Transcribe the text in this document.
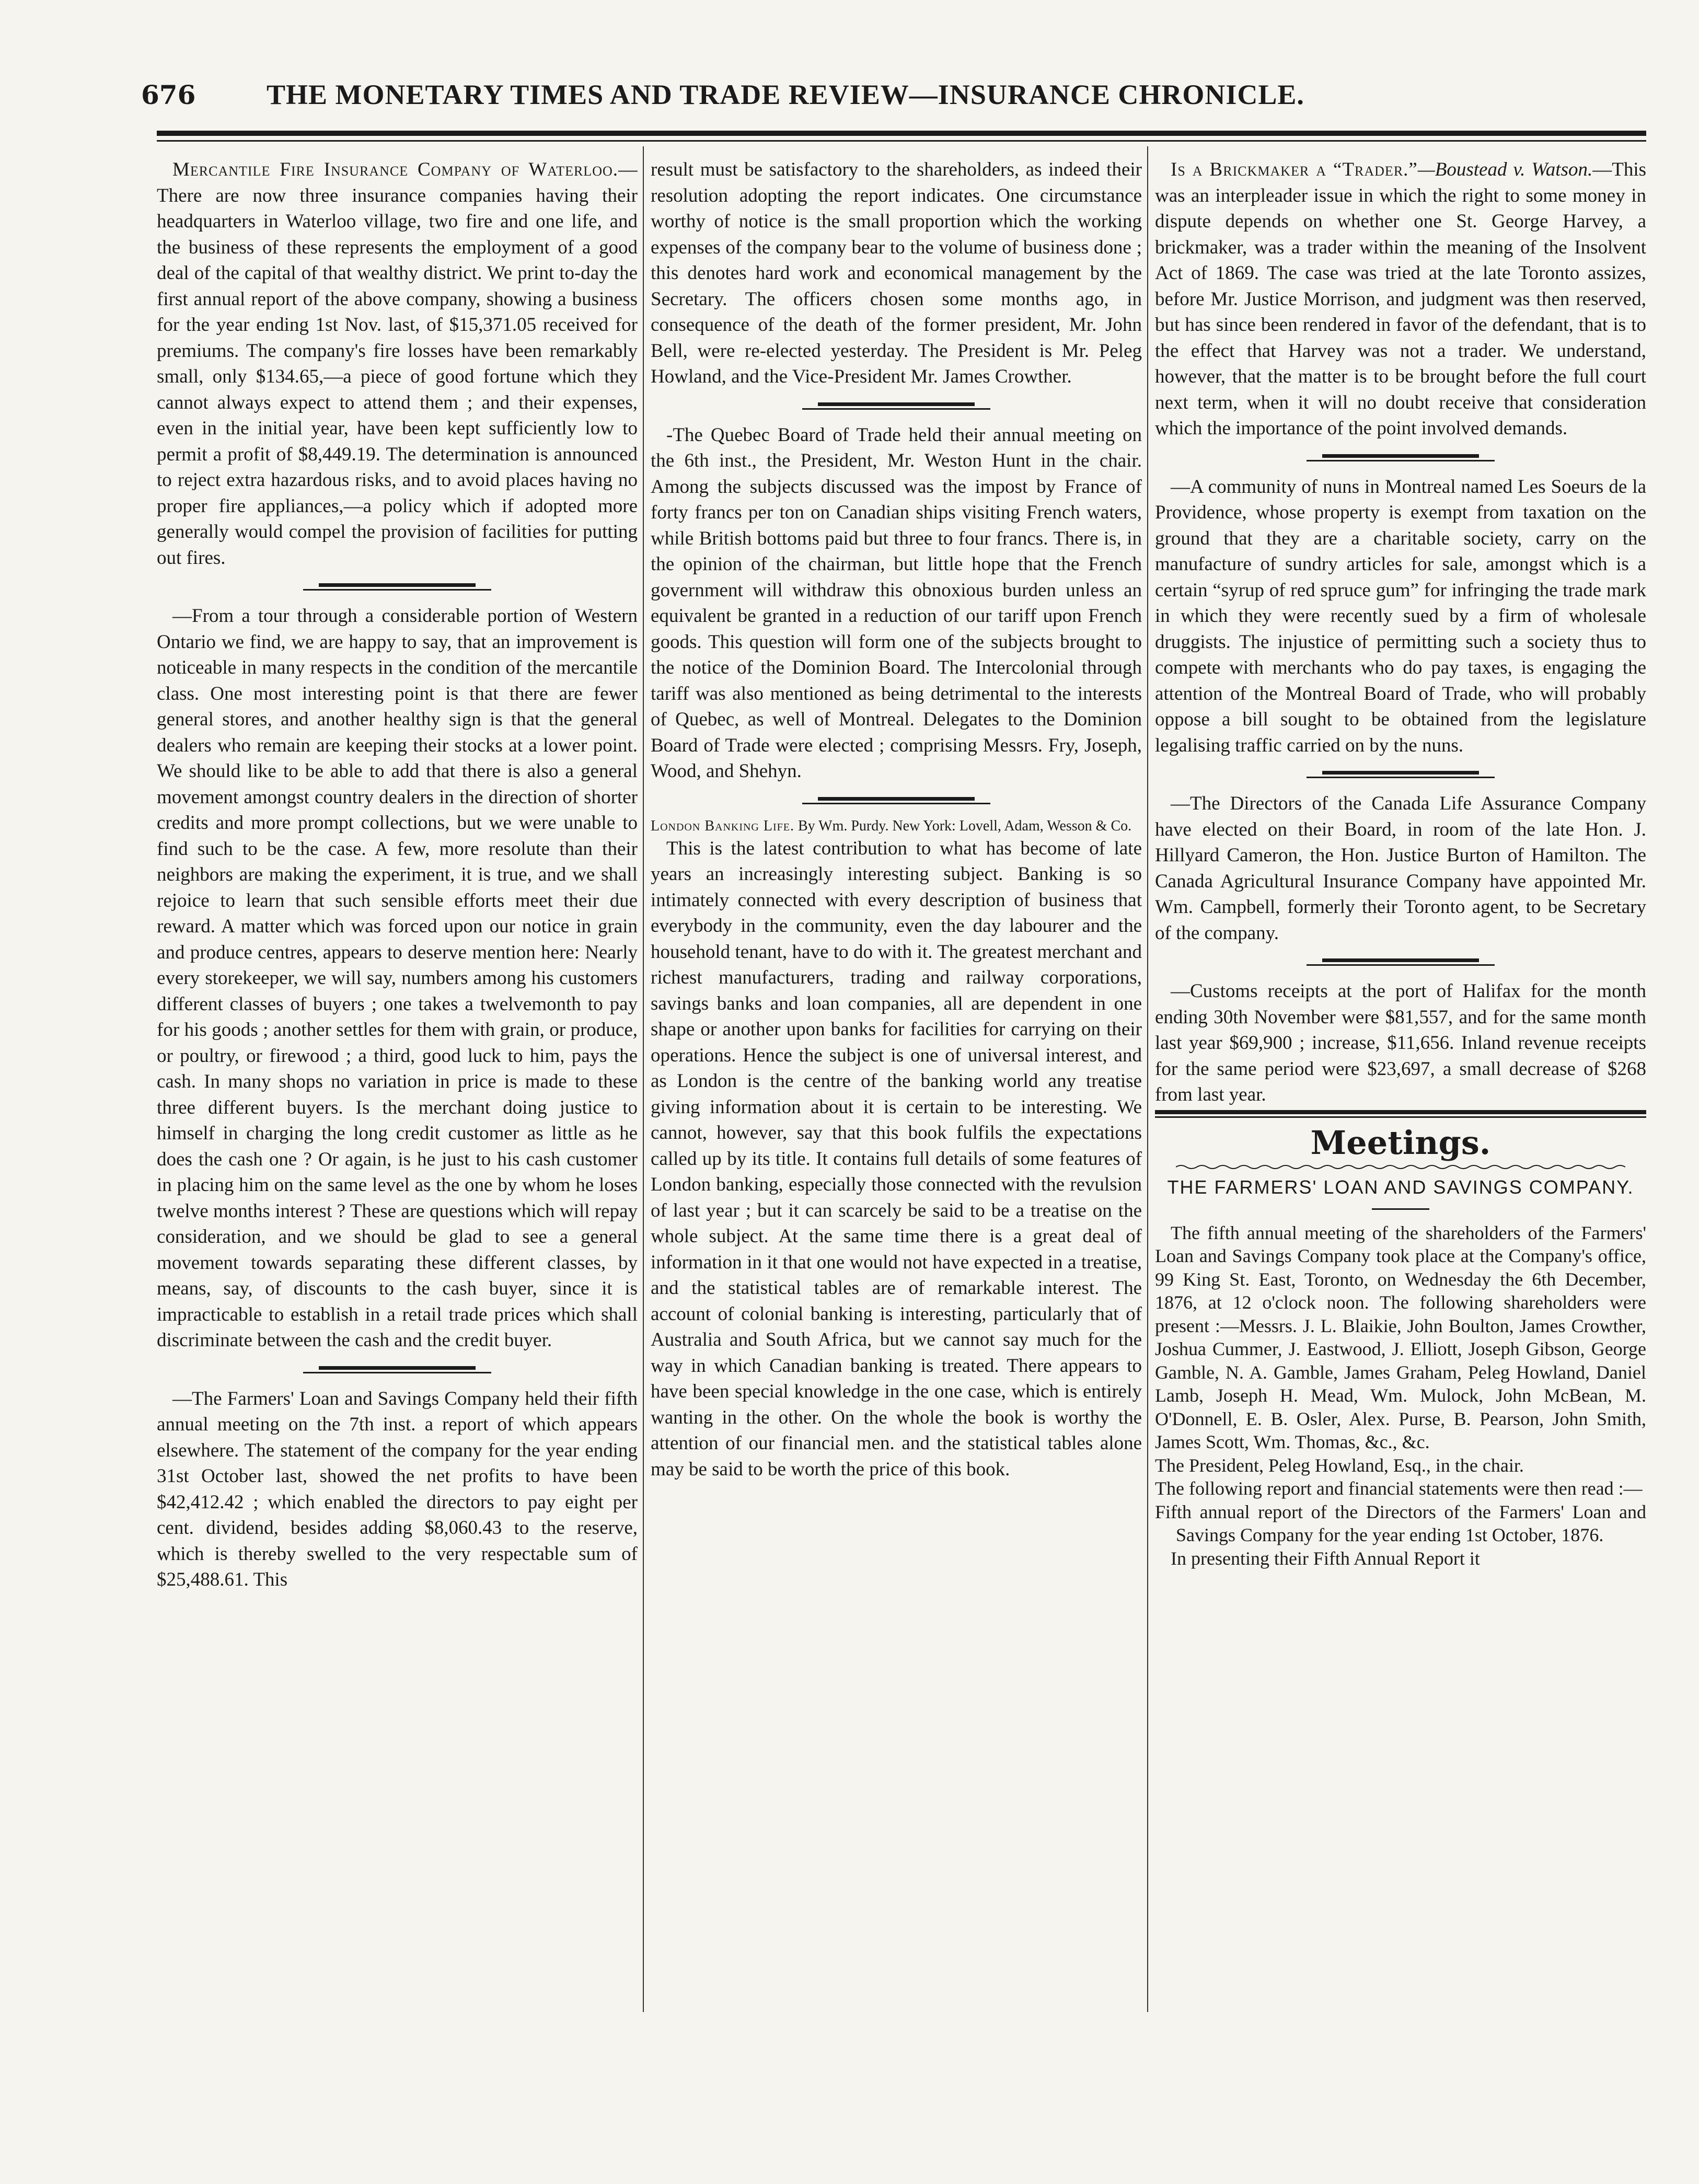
676	THE MONETARY TIMES AND TRADE REVIEW—INSURANCE CHRONICLE.

Mercantile Fire Insurance Company of Waterloo.—There are now three insurance companies having their headquarters in Waterloo village, two fire and one life, and the business of these represents the employment of a good deal of the capital of that wealthy district. We print to-day the first annual report of the above company, showing a business for the year ending 1st Nov. last, of $15,371.05 received for premiums. The company's fire losses have been remarkably small, only $134.65,—a piece of good fortune which they cannot always expect to attend them ; and their expenses, even in the initial year, have been kept sufficiently low to permit a profit of $8,449.19. The determination is announced to reject extra hazardous risks, and to avoid places having no proper fire appliances,—a policy which if adopted more generally would compel the provision of facilities for putting out fires.

—From a tour through a considerable portion of Western Ontario we find, we are happy to say, that an improvement is noticeable in many respects in the condition of the mercantile class. One most interesting point is that there are fewer general stores, and another healthy sign is that the general dealers who remain are keeping their stocks at a lower point. We should like to be able to add that there is also a general movement amongst country dealers in the direction of shorter credits and more prompt collections, but we were unable to find such to be the case. A few, more resolute than their neighbors are making the experiment, it is true, and we shall rejoice to learn that such sensible efforts meet their due reward. A matter which was forced upon our notice in grain and produce centres, appears to deserve mention here: Nearly every storekeeper, we will say, numbers among his customers different classes of buyers ; one takes a twelvemonth to pay for his goods ; another settles for them with grain, or produce, or poultry, or firewood ; a third, good luck to him, pays the cash. In many shops no variation in price is made to these three different buyers. Is the merchant doing justice to himself in charging the long credit customer as little as he does the cash one ? Or again, is he just to his cash customer in placing him on the same level as the one by whom he loses twelve months interest ? These are questions which will repay consideration, and we should be glad to see a general movement towards separating these different classes, by means, say, of discounts to the cash buyer, since it is impracticable to establish in a retail trade prices which shall discriminate between the cash and the credit buyer.

—The Farmers' Loan and Savings Company held their fifth annual meeting on the 7th inst. a report of which appears elsewhere. The statement of the company for the year ending 31st October last, showed the net profits to have been $42,412.42 ; which enabled the directors to pay eight per cent. dividend, besides adding $8,060.43 to the reserve, which is thereby swelled to the very respectable sum of $25,488.61. This

result must be satisfactory to the shareholders, as indeed their resolution adopting the report indicates. One circumstance worthy of notice is the small proportion which the working expenses of the company bear to the volume of business done ; this denotes hard work and economical management by the Secretary. The officers chosen some months ago, in consequence of the death of the former president, Mr. John Bell, were re-elected yesterday. The President is Mr. Peleg Howland, and the Vice-President Mr. James Crowther.

-The Quebec Board of Trade held their annual meeting on the 6th inst., the President, Mr. Weston Hunt in the chair. Among the subjects discussed was the impost by France of forty francs per ton on Canadian ships visiting French waters, while British bottoms paid but three to four francs. There is, in the opinion of the chairman, but little hope that the French government will withdraw this obnoxious burden unless an equivalent be granted in a reduction of our tariff upon French goods. This question will form one of the subjects brought to the notice of the Dominion Board. The Intercolonial through tariff was also mentioned as being detrimental to the interests of Quebec, as well of Montreal. Delegates to the Dominion Board of Trade were elected ; comprising Messrs. Fry, Joseph, Wood, and Shehyn.

London Banking Life. By Wm. Purdy. New York: Lovell, Adam, Wesson & Co.

This is the latest contribution to what has become of late years an increasingly interesting subject. Banking is so intimately connected with every description of business that everybody in the community, even the day labourer and the household tenant, have to do with it. The greatest merchant and richest manufacturers, trading and railway corporations, savings banks and loan companies, all are dependent in one shape or another upon banks for facilities for carrying on their operations. Hence the subject is one of universal interest, and as London is the centre of the banking world any treatise giving information about it is certain to be interesting. We cannot, however, say that this book fulfils the expectations called up by its title. It contains full details of some features of London banking, especially those connected with the revulsion of last year ; but it can scarcely be said to be a treatise on the whole subject. At the same time there is a great deal of information in it that one would not have expected in a treatise, and the statistical tables are of remarkable interest. The account of colonial banking is interesting, particularly that of Australia and South Africa, but we cannot say much for the way in which Canadian banking is treated. There appears to have been special knowledge in the one case, which is entirely wanting in the other. On the whole the book is worthy the attention of our financial men. and the statistical tables alone may be said to be worth the price of this book.

Is a Brickmaker a “Trader.”—Boustead v. Watson.—This was an interpleader issue in which the right to some money in dispute depends on whether one St. George Harvey, a brickmaker, was a trader within the meaning of the Insolvent Act of 1869. The case was tried at the late Toronto assizes, before Mr. Justice Morrison, and judgment was then reserved, but has since been rendered in favor of the defendant, that is to the effect that Harvey was not a trader. We understand, however, that the matter is to be brought before the full court next term, when it will no doubt receive that consideration which the importance of the point involved demands.

—A community of nuns in Montreal named Les Soeurs de la Providence, whose property is exempt from taxation on the ground that they are a charitable society, carry on the manufacture of sundry articles for sale, amongst which is a certain “syrup of red spruce gum” for infringing the trade mark in which they were recently sued by a firm of wholesale druggists. The injustice of permitting such a society thus to compete with merchants who do pay taxes, is engaging the attention of the Montreal Board of Trade, who will probably oppose a bill sought to be obtained from the legislature legalising traffic carried on by the nuns.

—The Directors of the Canada Life Assurance Company have elected on their Board, in room of the late Hon. J. Hillyard Cameron, the Hon. Justice Burton of Hamilton. The Canada Agricultural Insurance Company have appointed Mr. Wm. Campbell, formerly their Toronto agent, to be Secretary of the company.

—Customs receipts at the port of Halifax for the month ending 30th November were $81,557, and for the same month last year $69,900 ; increase, $11,656. Inland revenue receipts for the same period were $23,697, a small decrease of $268 from last year.

Meetings.
THE FARMERS' LOAN AND SAVINGS COMPANY.

The fifth annual meeting of the shareholders of the Farmers' Loan and Savings Company took place at the Company's office, 99 King St. East, Toronto, on Wednesday the 6th December, 1876, at 12 o'clock noon. The following shareholders were present :—Messrs. J. L. Blaikie, John Boulton, James Crowther, Joshua Cummer, J. Eastwood, J. Elliott, Joseph Gibson, George Gamble, N. A. Gamble, James Graham, Peleg Howland, Daniel Lamb, Joseph H. Mead, Wm. Mulock, John McBean, M. O'Donnell, E. B. Osler, Alex. Purse, B. Pearson, John Smith, James Scott, Wm. Thomas, &c., &c.

The President, Peleg Howland, Esq., in the chair.

The following report and financial statements were then read :—

Fifth annual report of the Directors of the Farmers' Loan and Savings Company for the year ending 1st October, 1876.

In presenting their Fifth Annual Report it
